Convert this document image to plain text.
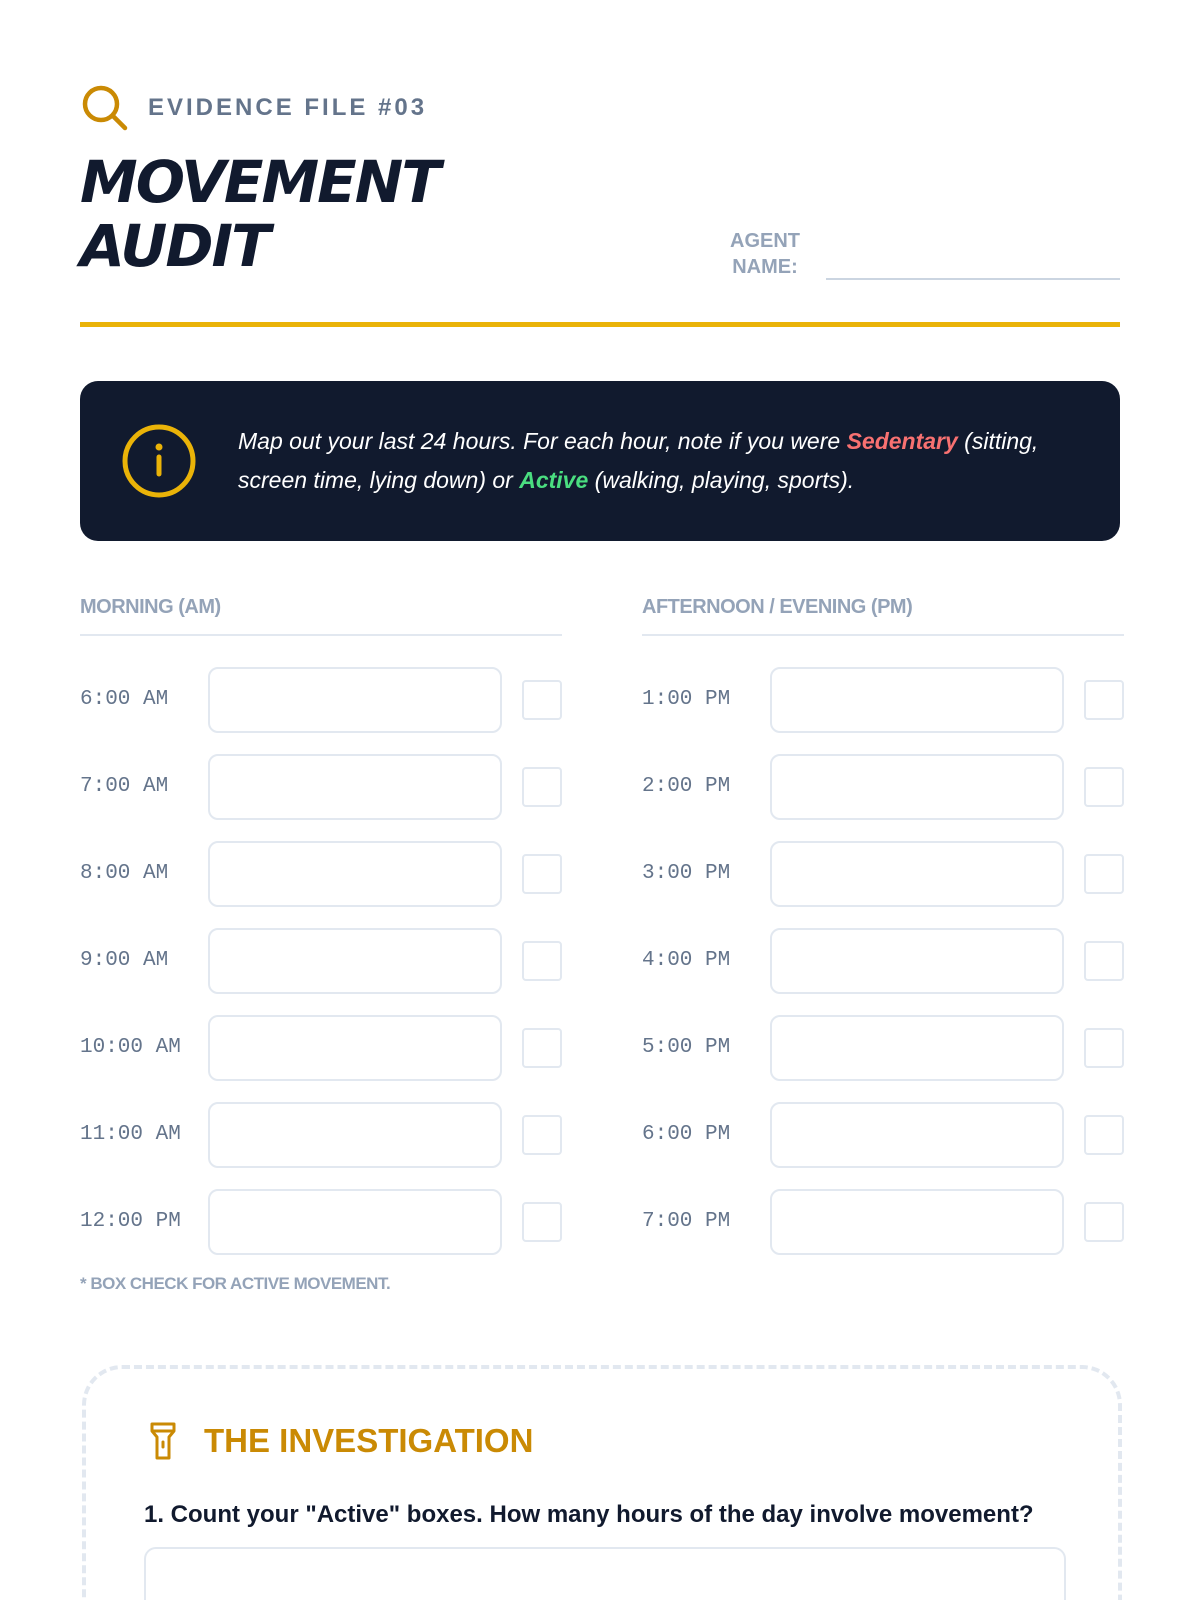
EVIDENCE FILE #03
MOVEMENT
AUDIT	AGENT
NAME:
Map out your last 24 hours. For each hour, note if you were Sedentary (sitting, screen time, lying down) or Active (walking, playing, sports).
MORNING (AM)
6:00 AM
7:00 AM
8:00 AM
9:00 AM
10:00 AM
11:00 AM
12:00 PM
AFTERNOON / EVENING (PM)
1:00 PM
2:00 PM
3:00 PM
4:00 PM
5:00 PM
6:00 PM
7:00 PM
* BOX CHECK FOR ACTIVE MOVEMENT.
THE INVESTIGATION
1. Count your "Active" boxes. How many hours of the day involve movement?
